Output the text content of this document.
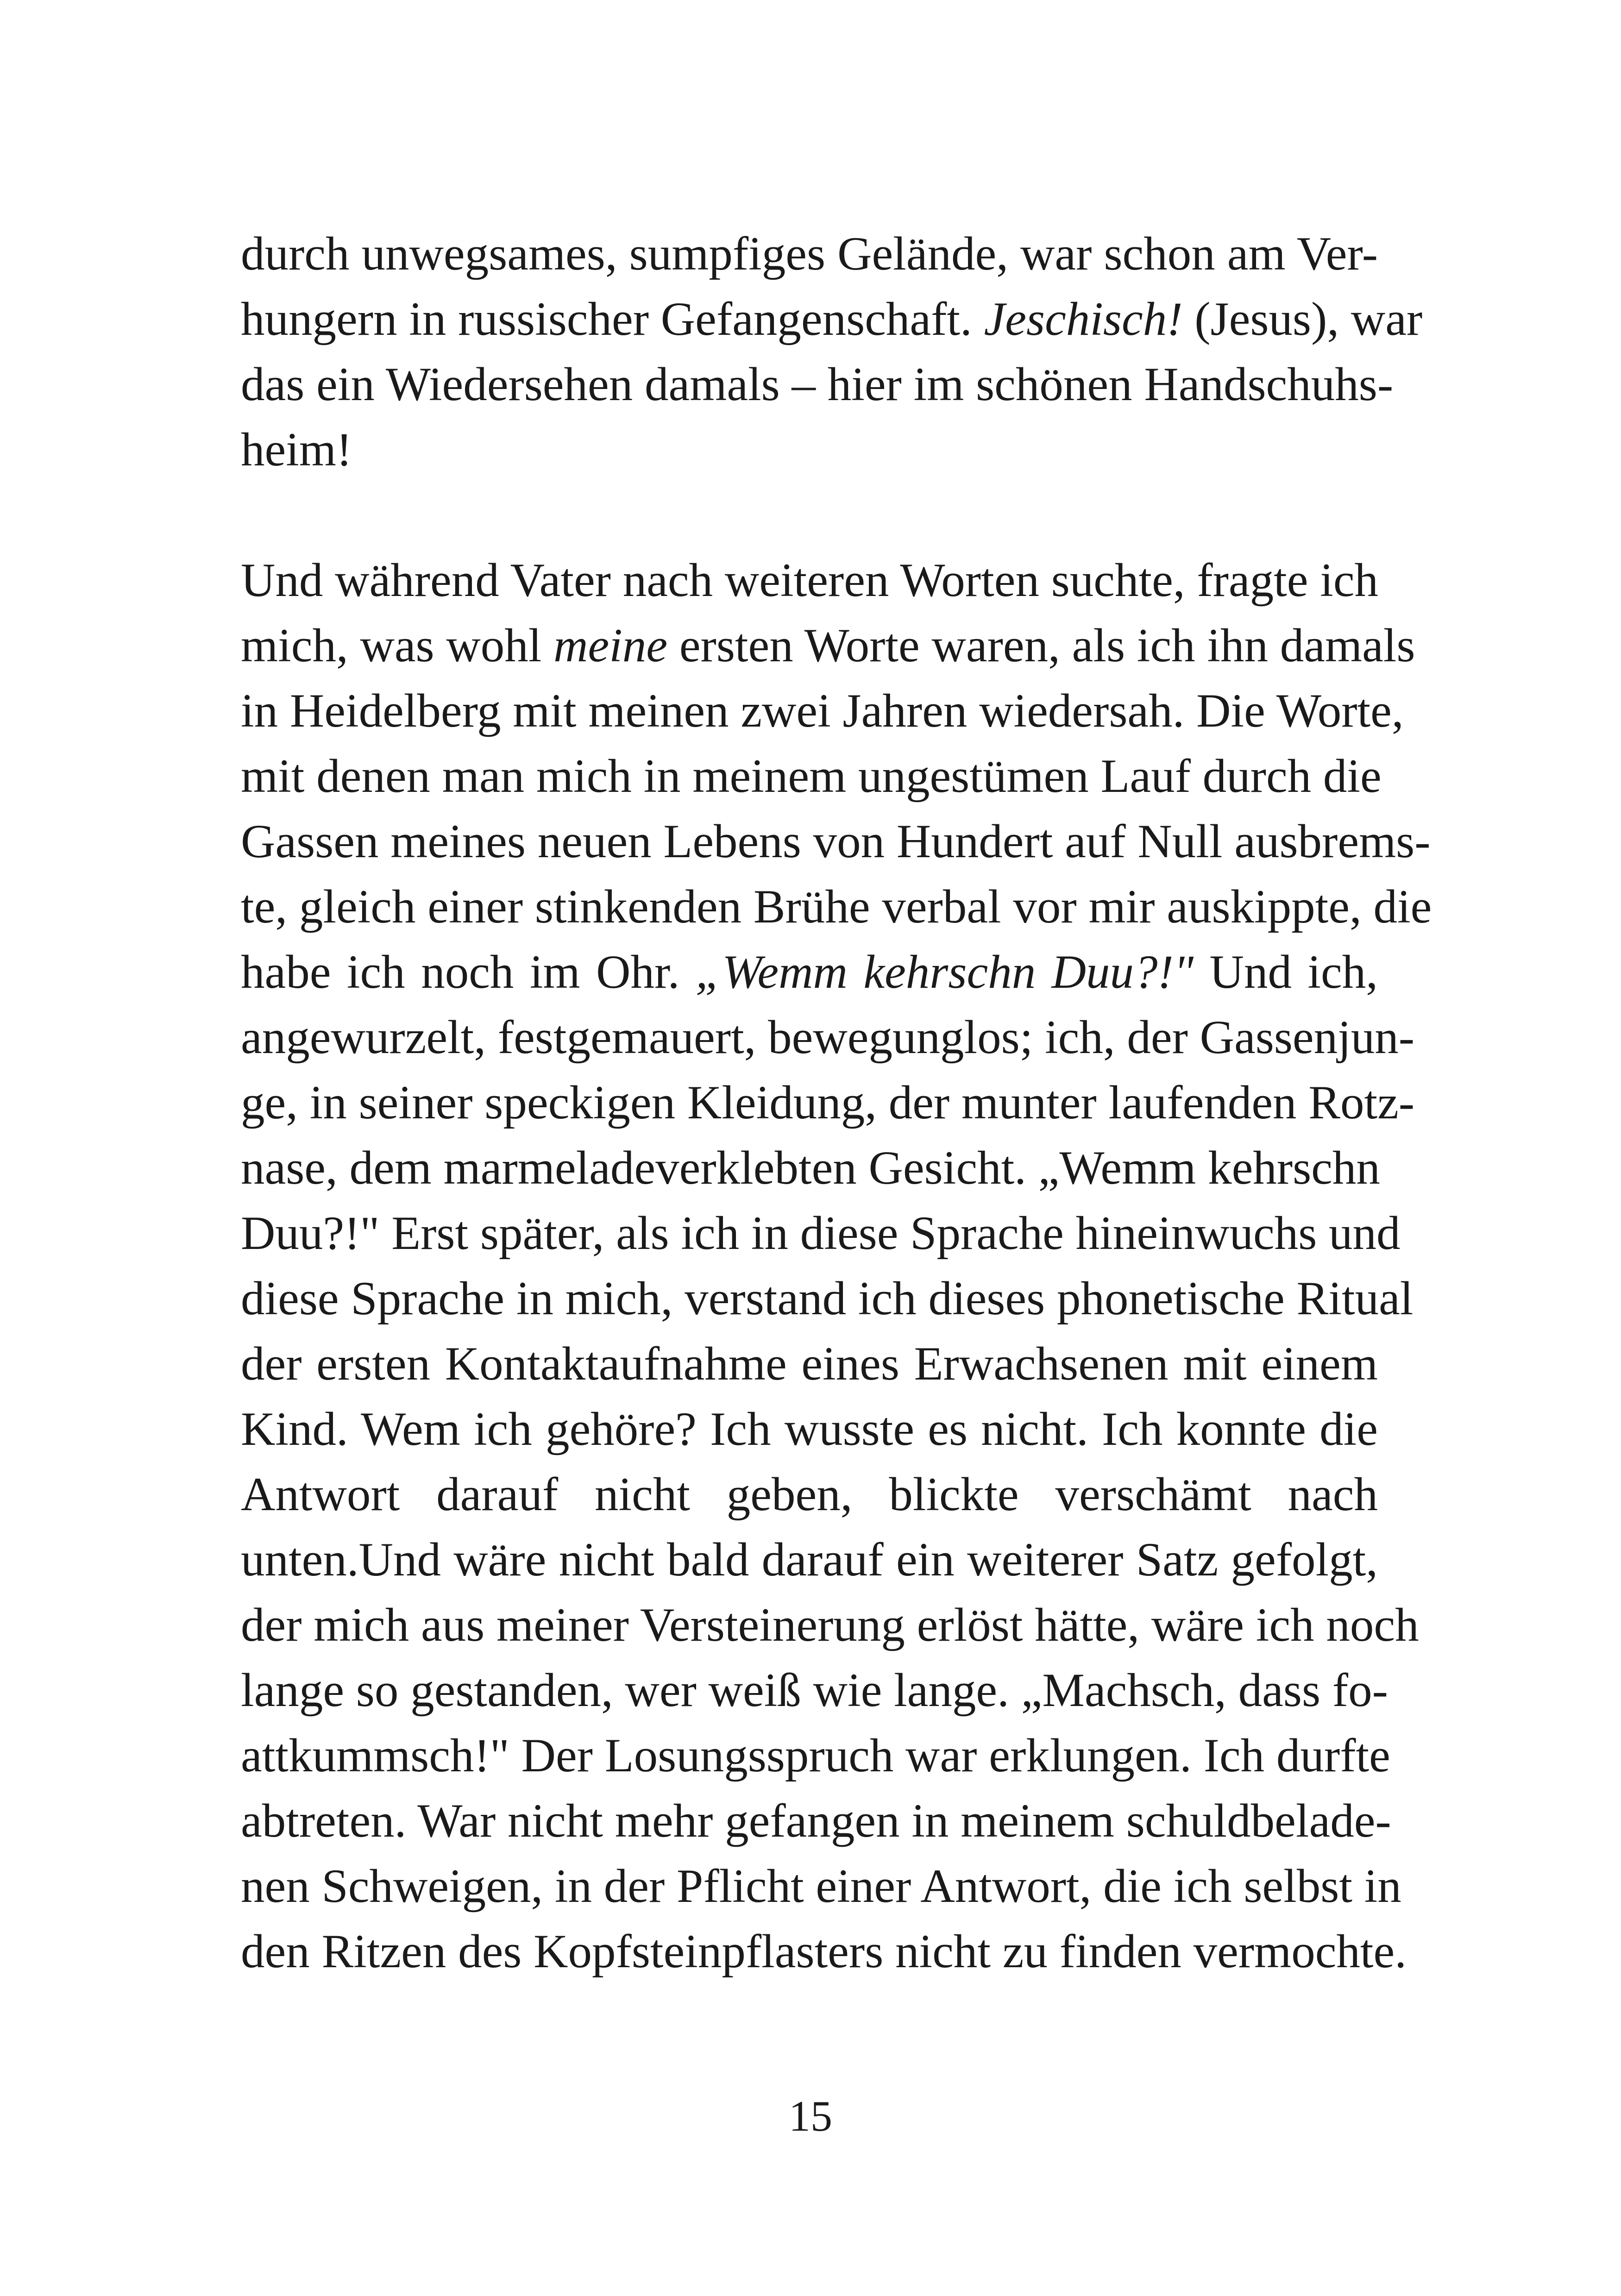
durch unwegsames, sumpfiges Gelände, war schon am Ver-
hungern in russischer Gefangenschaft. Jeschisch! (Jesus), war
das ein Wiedersehen damals – hier im schönen Handschuhs-
heim!
Und während Vater nach weiteren Worten suchte, fragte ich
mich, was wohl meine ersten Worte waren, als ich ihn damals
in Heidelberg mit meinen zwei Jahren wiedersah. Die Worte,
mit denen man mich in meinem ungestümen Lauf durch die
Gassen meines neuen Lebens von Hundert auf Null ausbrems-
te, gleich einer stinkenden Brühe verbal vor mir auskippte, die
habe ich noch im Ohr. „Wemm kehrschn Duu?!" Und ich,
angewurzelt, festgemauert, bewegunglos; ich, der Gassenjun-
ge, in seiner speckigen Kleidung, der munter laufenden Rotz-
nase, dem marmeladeverklebten Gesicht. „Wemm kehrschn
Duu?!" Erst später, als ich in diese Sprache hineinwuchs und
diese Sprache in mich, verstand ich dieses phonetische Ritual
der ersten Kontaktaufnahme eines Erwachsenen mit einem
Kind. Wem ich gehöre? Ich wusste es nicht. Ich konnte die
Antwort darauf nicht geben, blickte verschämt nach
unten.Und wäre nicht bald darauf ein weiterer Satz gefolgt,
der mich aus meiner Versteinerung erlöst hätte, wäre ich noch
lange so gestanden, wer weiß wie lange. „Machsch, dass fo-
attkummsch!" Der Losungsspruch war erklungen. Ich durfte
abtreten. War nicht mehr gefangen in meinem schuldbelade-
nen Schweigen, in der Pflicht einer Antwort, die ich selbst in
den Ritzen des Kopfsteinpflasters nicht zu finden vermochte.
15
